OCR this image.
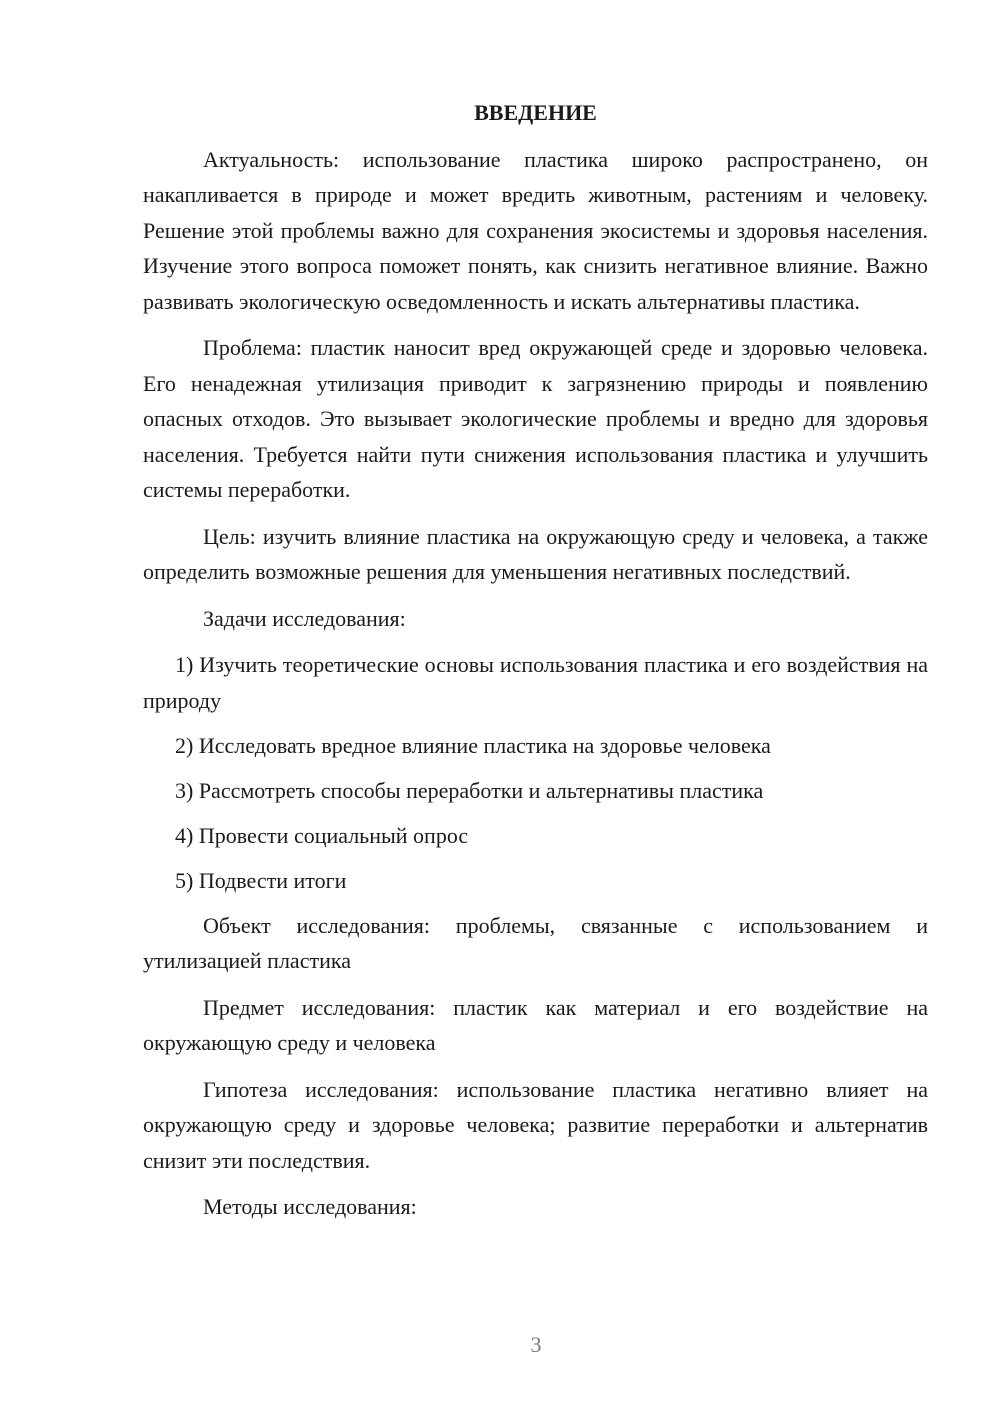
ВВЕДЕНИЕ

Актуальность: использование пластика широко распространено, он накапливается в природе и может вредить животным, растениям и человеку. Решение этой проблемы важно для сохранения экосистемы и здоровья населения. Изучение этого вопроса поможет понять, как снизить негативное влияние. Важно развивать экологическую осведомленность и искать альтернативы пластика.

Проблема: пластик наносит вред окружающей среде и здоровью человека. Его ненадежная утилизация приводит к загрязнению природы и появлению опасных отходов. Это вызывает экологические проблемы и вредно для здоровья населения. Требуется найти пути снижения использования пластика и улучшить системы переработки.

Цель: изучить влияние пластика на окружающую среду и человека, а также определить возможные решения для уменьшения негативных последствий.

Задачи исследования:

1) Изучить теоретические основы использования пластика и его воздействия на природу

2) Исследовать вредное влияние пластика на здоровье человека

3) Рассмотреть способы переработки и альтернативы пластика

4) Провести социальный опрос

5) Подвести итоги

Объект исследования: проблемы, связанные с использованием и утилизацией пластика

Предмет исследования: пластик как материал и его воздействие на окружающую среду и человека

Гипотеза исследования: использование пластика негативно влияет на окружающую среду и здоровье человека; развитие переработки и альтернатив снизит эти последствия.

Методы исследования:

3
